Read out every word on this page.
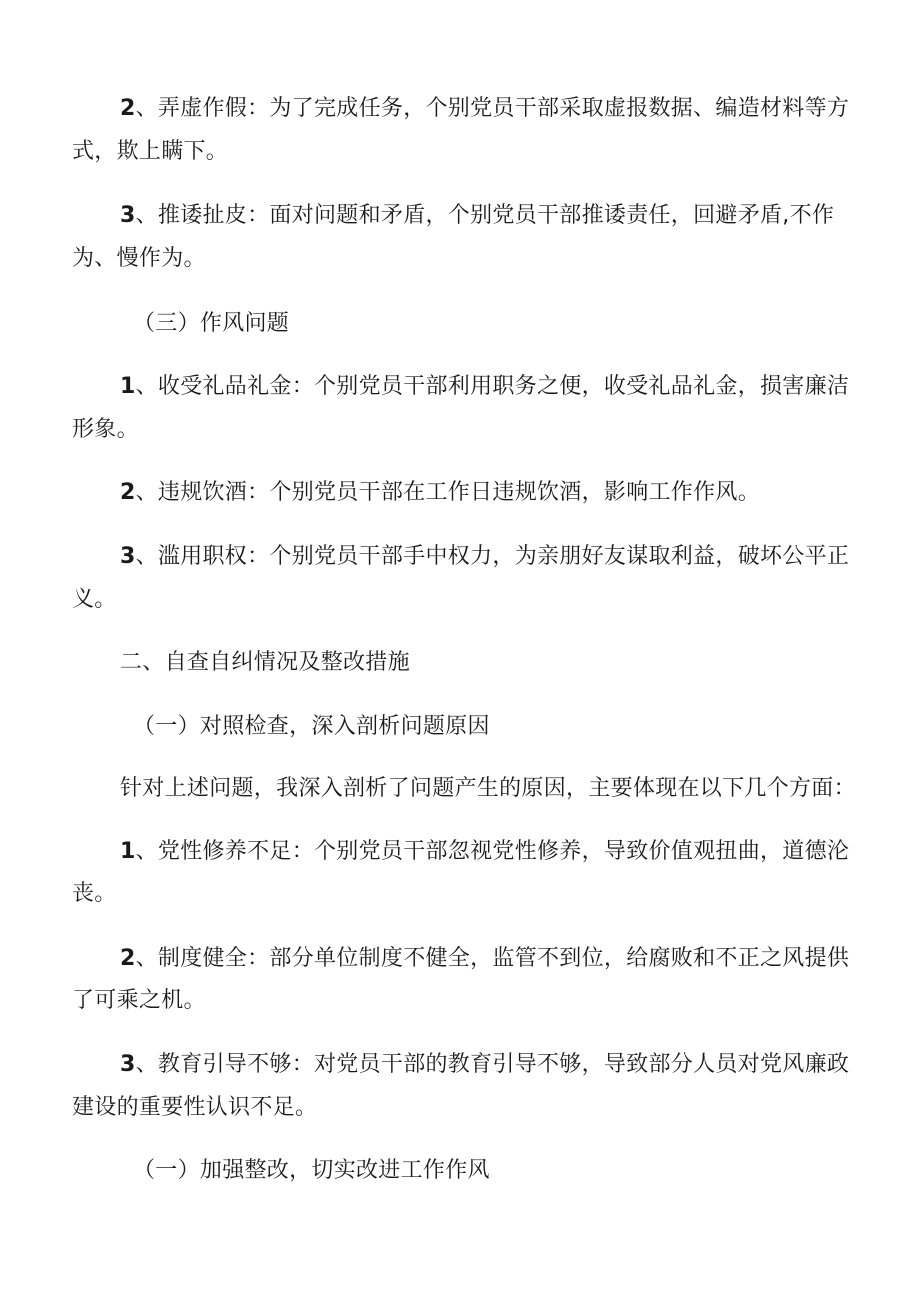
2、弄虚作假：为了完成任务，个别党员干部采取虚报数据、编造材料等方
式，欺上瞒下。
3、推诿扯皮：面对问题和矛盾，个别党员干部推诿责任，回避矛盾,不作
为、慢作为。
（三）作风问题
1、收受礼品礼金：个别党员干部利用职务之便，收受礼品礼金，损害廉洁
形象。
2、违规饮酒：个别党员干部在工作日违规饮酒，影响工作作风。
3、滥用职权：个别党员干部手中权力，为亲朋好友谋取利益，破坏公平正
义。
二、自查自纠情况及整改措施
（一）对照检查，深入剖析问题原因
针对上述问题，我深入剖析了问题产生的原因，主要体现在以下几个方面：
1、党性修养不足：个别党员干部忽视党性修养，导致价值观扭曲，道德沦
丧。
2、制度健全：部分单位制度不健全，监管不到位，给腐败和不正之风提供
了可乘之机。
3、教育引导不够：对党员干部的教育引导不够，导致部分人员对党风廉政
建设的重要性认识不足。
（一）加强整改，切实改进工作作风
